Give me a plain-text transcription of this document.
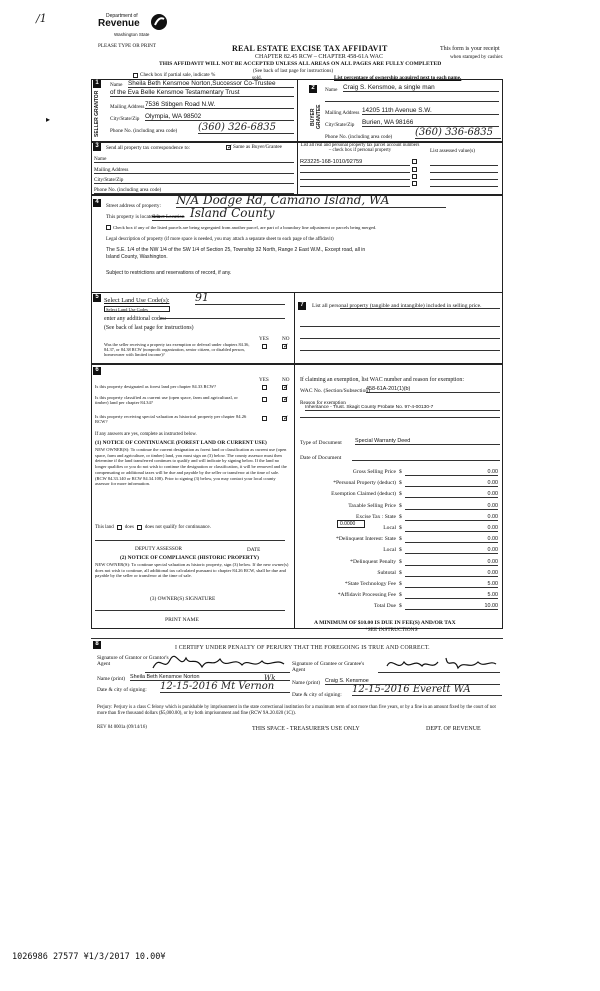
/1	Department of
Revenue
Washington State
PLEASE TYPE OR PRINT	REAL ESTATE EXCISE TAX AFFIDAVIT
CHAPTER 82.45 RCW – CHAPTER 458-61A WAC
THIS AFFIDAVIT WILL NOT BE ACCEPTED UNLESS ALL AREAS ON ALL PAGES ARE FULLY COMPLETED
This form is your receipt
when stamped by cashier.
(See back of last page for instructions)
Check box if partial sale, indicate %	sold.
1
SELLER GRANTOR
Name Sheila Beth Kensmoe Norton,Successor Co-Trustee
of the Eva Belle Kensmoe Testamentary Trust
Mailing Address 7536 Stibgen Road N.W.
City/State/Zip Olympia, WA 98502
Phone No. (including area code) (360) 326-6835
List percentage of ownership acquired next to each name.
2
BUYER GRANTEE
Name Craig S. Kensmoe, a single man
Mailing Address 14205 11th Avenue S.W.
City/State/Zip Burien, WA 98166
Phone No. (including area code) (360) 336-6835
3	Send all property tax correspondence to:	✓ Same as Buyer/Grantee
Name
Mailing Address
City/State/Zip
Phone No. (including area code)
List all real and personal property tax parcel account numbers – check box if personal property	List assessed value(s)
R23225-168-1010/92759
4
Street address of property: N/A Dodge Rd, Camano Island, WA
This property is located in
Select Location Island County
Check box if any of the listed parcels are being segregated from another parcel, are part of a boundary line adjustment or parcels being merged.
Legal description of property (if more space is needed, you may attach a separate sheet to each page of the affidavit)
The S.E. 1/4 of the NW 1/4 of the SW 1/4 of Section 25, Township 32 North, Range 2 East W.M., Except road, all in
Island County, Washington.
Subject to restrictions and reservations of record, if any.
5 Select Land Use Code(s): 91
Select Land Use Codes
enter any additional codes:
(See back of last page for instructions)
YES	NO
Was the seller receiving a property tax exemption or deferral under chapters 84.36, 84.37, or 84.38 RCW (nonprofit organization, senior citizen, or disabled person, homeowner with limited income)?
✓
7	List all personal property (tangible and intangible) included in selling price.
6
YES	NO
Is this property designated as forest land per chapter 84.33 RCW?	✓
Is this property classified as current use (open space, farm and agricultural, or timber) land per chapter 84.34?	✓
Is this property receiving special valuation as historical property per chapter 84.26 RCW?	✓
If any answers are yes, complete as instructed below.
(1) NOTICE OF CONTINUANCE (FOREST LAND OR CURRENT USE)
NEW OWNER(S): To continue the current designation as forest land or classification as current use (open space, farm and agriculture, or timber) land, you must sign on (3) below. The county assessor must then determine if the land transferred continues to qualify and will indicate by signing below. If the land no longer qualifies or you do not wish to continue the designation or classification, it will be removed and the compensating or additional taxes will be due and payable by the seller or transferor at the time of sale. (RCW 84.33.140 or RCW 84.34.108). Prior to signing (3) below, you may contact your local county assessor for more information.
This land does does not qualify for continuance.
DEPUTY ASSESSOR	DATE
(2) NOTICE OF COMPLIANCE (HISTORIC PROPERTY)
NEW OWNER(S): To continue special valuation as historic property, sign (3) below. If the new owner(s) does not wish to continue, all additional tax calculated pursuant to chapter 84.26 RCW, shall be due and payable by the seller or transferor at the time of sale.
(3) OWNER(S) SIGNATURE
PRINT NAME
If claiming an exemption, list WAC number and reason for exemption:
WAC No. (Section/Subsection)
458-61A-201(1)(b)
Reason for exemption
Inheritance - Trust. Skagit County Probate No. 97-4-00130-7
Type of Document Special Warranty Deed
Date of Document
Gross Selling Price $	0.00
*Personal Property (deduct) $	0.00
Exemption Claimed (deduct) $	0.00
Taxable Selling Price $	0.00
Excise Tax : State $	0.00
Local $	0.00
*Delinquent Interest: State $	0.00
Local $	0.00
*Delinquent Penalty $	0.00
Subtotal $	0.00
*State Technology Fee $	5.00
*Affidavit Processing Fee $	5.00
Total Due $	10.00
0.0000
A MINIMUM OF $10.00 IS DUE IN FEE(S) AND/OR TAX
*SEE INSTRUCTIONS
8
I CERTIFY UNDER PENALTY OF PERJURY THAT THE FOREGOING IS TRUE AND CORRECT.
Signature of Grantor or Grantor's Agent	Signature of Grantee or Grantee's Agent
Name (print) Sheila Beth Kensmoe Norton
Name (print) Craig S. Kensmoe
Date & city of signing: 12-15-2016 Mt Vernon
Wk
Date & city of signing: 12-15-2016 Everett WA
Perjury: Perjury is a class C felony which is punishable by imprisonment in the state correctional institution for a maximum term of not more than five years, or by a fine in an amount fixed by the court of not more than five thousand dollars ($5,000.00), or by both imprisonment and fine (RCW 9A.20.020 (1C)).
REV 84 0001a (09/14/16)	THIS SPACE - TREASURER'S USE ONLY	DEPT. OF REVENUE
1026986 27577 ¥1/3/2017 10.00¥
▸
